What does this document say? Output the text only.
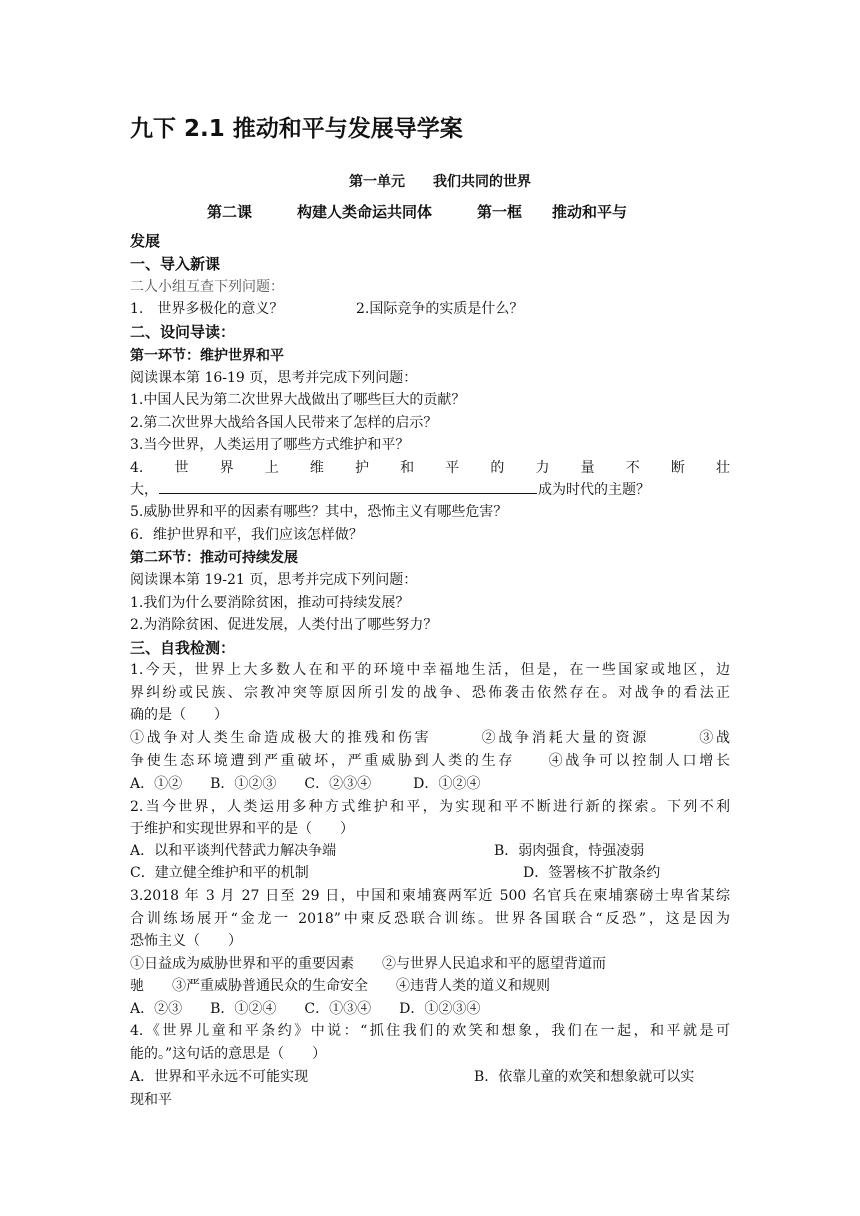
九下 2.1 推动和平与发展导学案
第一单元　　我们共同的世界
第二课　　　构建人类命运共同体　　　第一框　　推动和平与
发展
一、导入新课
二人小组互查下列问题：
1.　世界多极化的意义？	2.国际竞争的实质是什么？
二、设问导读：
第一环节：维护世界和平
阅读课本第 16-19 页，思考并完成下列问题：
1.中国人民为第二次世界大战做出了哪些巨大的贡献？
2.第二次世界大战给各国人民带来了怎样的启示？
3.当今世界，人类运用了哪些方式维护和平？
4.　世　界　上　维　护　和　平　的　力　量　不　断　壮
大，	成为时代的主题？
5.威胁世界和平的因素有哪些？其中，恐怖主义有哪些危害？
6．维护世界和平，我们应该怎样做？
第二环节：推动可持续发展
阅读课本第 19-21 页，思考并完成下列问题：
1.我们为什么要消除贫困，推动可持续发展？
2.为消除贫困、促进发展，人类付出了哪些努力？
三、自我检测：
1.今天，世界上大多数人在和平的环境中幸福地生活，但是，在一些国家或地区，边
界纠纷或民族、宗教冲突等原因所引发的战争、恐佈袭击依然存在。对战争的看法正
确的是（　　）
①战争对人类生命造成极大的推残和伤害　　　②战争消耗大量的资源　　　③战
争使生态环境遭到严重破坏，严重威胁到人类的生存　　④战争可以控制人口增长
A．①②　　B．①②③　　C．②③④　　　D．①②④
2.当今世界，人类运用多种方式维护和平，为实现和平不断进行新的探索。下列不利
于维护和实现世界和平的是（　　）
A．以和平谈判代替武力解决争端	B．弱肉强食，恃强凌弱
C．建立健全维护和平的机制	D．签署核不扩散条约
3.2018 年 3 月 27 日至 29 日，中国和柬埔赛两军近 500 名官兵在柬埔寨磅士卑省某综
合训练场展开“金龙一 2018”中柬反恐联合训练。世界各国联合“反恐”，这是因为
恐怖主义（　　）
①日益成为威胁世界和平的重要因素　　②与世界人民追求和平的愿望背道而
驰　　③严重威胁普通民众的生命安全　　④违背人类的道义和规则
A．②③　　B．①②④　　C．①③④　　D．①②③④
4.《世界儿童和平条约》中说：“抓住我们的欢笑和想象，我们在一起，和平就是可
能的。”这句话的意思是（　　）
A．世界和平永远不可能实现	B．依靠儿童的欢笑和想象就可以实
现和平
